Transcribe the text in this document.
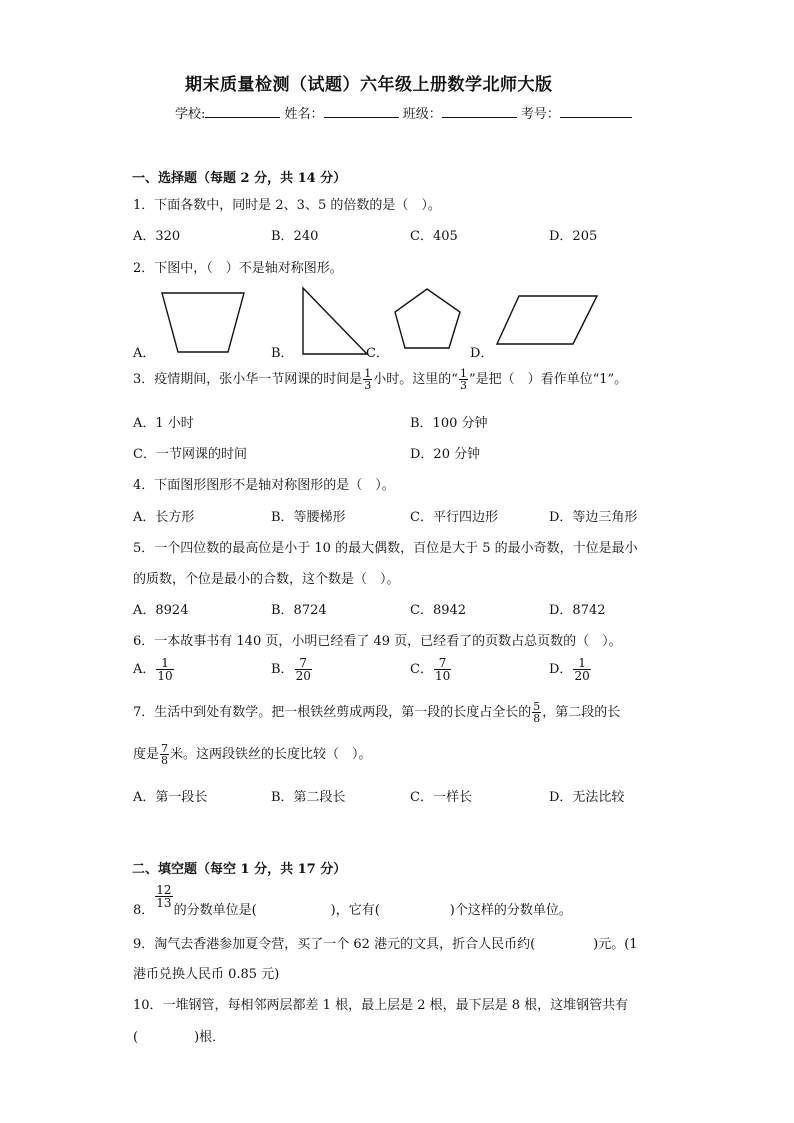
期末质量检测（试题）六年级上册数学北师大版
学校:	姓名：	班级：	考号：
一、选择题（每题 2 分，共 14 分）
1．下面各数中，同时是 2、3、5 的倍数的是（　）。
A．320	B．240	C．405	D．205
2．下图中，（　）不是轴对称图形。
A．	B．	C．	D．
3．疫情期间，张小华一节网课的时间是 $\frac{1}{3}$ 小时。这里的“ $\frac{1}{3}$ ”是把（　）看作单位“1”。
A．1 小时	B．100 分钟
C．一节网课的时间	D．20 分钟
4．下面图形图形不是轴对称图形的是（　）。
A．长方形	B．等腰梯形	C．平行四边形	D．等边三角形
5．一个四位数的最高位是小于 10 的最大偶数，百位是大于 5 的最小奇数，十位是最小
的质数，个位是最小的合数，这个数是（　）。
A．8924	B．8724	C．8942	D．8742
6．一本故事书有 140 页，小明已经看了 49 页，已经看了的页数占总页数的（　）。
A． $\frac{1}{10}$	B． $\frac{7}{20}$	C． $\frac{7}{10}$	D． $\frac{1}{20}$
7．生活中到处有数学。把一根铁丝剪成两段，第一段的长度占全长的 $\frac{5}{8}$ ，第二段的长
度是 $\frac{7}{8}$ 米。这两段铁丝的长度比较（　）。
A．第一段长	B．第二段长	C．一样长	D．无法比较
二、填空题（每空 1 分，共 17 分）
8．
$\frac{12}{13}$
的分数单位是(	)，它有(	)个这样的分数单位。
9．淘气去香港参加夏令营，买了一个 62 港元的文具，折合人民币约(	)元。(1
港币兑换人民币 0.85 元)
10．一堆钢管，每相邻两层都差 1 根，最上层是 2 根，最下层是 8 根，这堆钢管共有
(	)根．
